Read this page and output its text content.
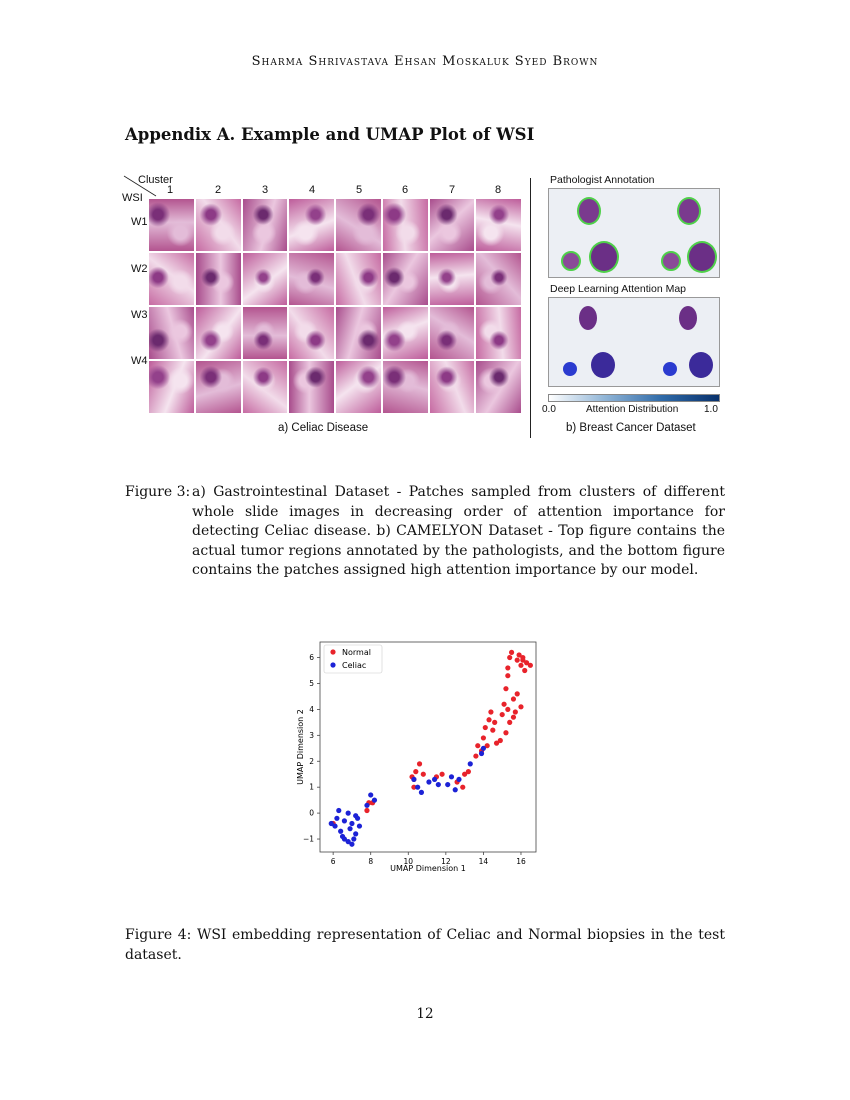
Sharma Shrivastava Ehsan Moskaluk Syed Brown
Appendix A. Example and UMAP Plot of WSI
Cluster
WSI
1	2	3	4	5	6	7	8
W1
W2
W3
W4
a) Celiac Disease
Pathologist Annotation
Deep Learning Attention Map
0.0	Attention Distribution	1.0
b) Breast Cancer Dataset
Figure 3: a) Gastrointestinal Dataset - Patches sampled from clusters of different whole slide images in decreasing order of attention importance for detecting Celiac disease. b) CAMELYON Dataset - Top figure contains the actual tumor regions annotated by the pathologists, and the bottom figure contains the patches assigned high attention importance by our model.
6	8	10	12	14	16
−1
0
1
2
3
4
5
6
Normal
Celiac
UMAP Dimension 1
UMAP Dimension 2
Figure 4: WSI embedding representation of Celiac and Normal biopsies in the test dataset.
12
